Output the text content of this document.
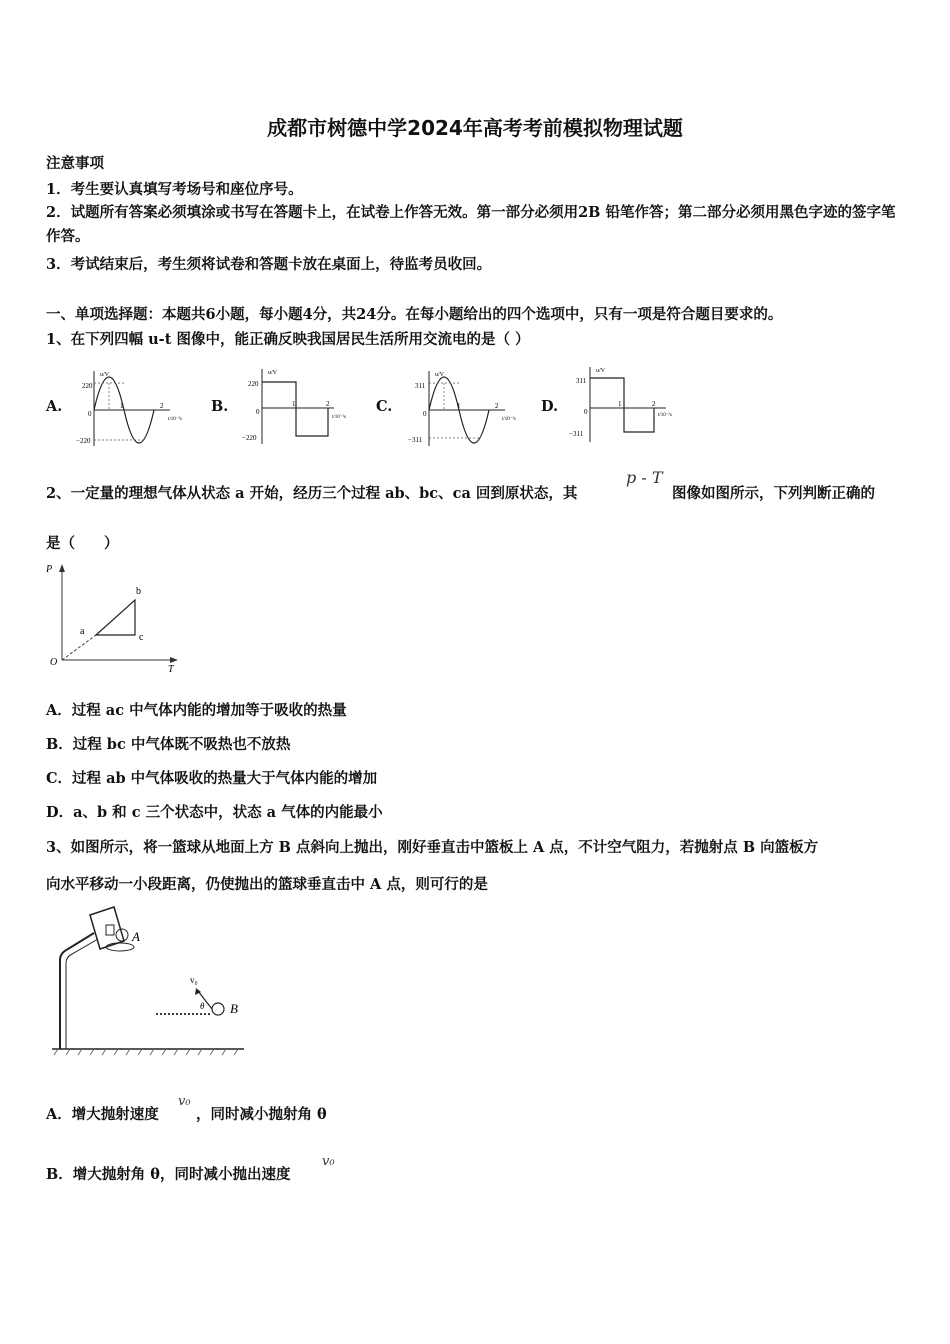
成都市树德中学2024年高考考前模拟物理试题
注意事项
1．考生要认真填写考场号和座位序号。
2．试题所有答案必须填涂或书写在答题卡上，在试卷上作答无效。第一部分必须用2B 铅笔作答；第二部分必须用黑色字迹的签字笔作答。
3．考试结束后，考生须将试卷和答题卡放在桌面上，待监考员收回。
一、单项选择题：本题共6小题，每小题4分，共24分。在每小题给出的四个选项中，只有一项是符合题目要求的。
1、在下列四幅 u-t 图像中，能正确反映我国居民生活所用交流电的是（ ）
A.
u/V
220
−220
0
1	2
t/10⁻²s
B.
u/V
220
−220
0
1	2
t/10⁻²s
C.
u/V
311
−311
0
1	2
t/10⁻²s
D.
u/V
311
−311
0
1	2
t/10⁻²s
2、一定量的理想气体从状态 a 开始，经历三个过程 ab、bc、ca 回到原状态，其
p - T
图像如图所示，下列判断正确的
是（　　）
P
T
O
a
b
c
A．过程 ac 中气体内能的增加等于吸收的热量
B．过程 bc 中气体既不吸热也不放热
C．过程 ab 中气体吸收的热量大于气体内能的增加
D．a、b 和 c 三个状态中，状态 a 气体的内能最小
3、如图所示，将一篮球从地面上方 B 点斜向上抛出，刚好垂直击中篮板上 A 点，不计空气阻力，若抛射点 B 向篮板方
向水平移动一小段距离，仍使抛出的篮球垂直击中 A 点，则可行的是
A
v₀
θ B
A．增大抛射速度
v₀
，同时减小抛射角 θ
B．增大抛射角 θ，同时减小抛出速度
v₀
